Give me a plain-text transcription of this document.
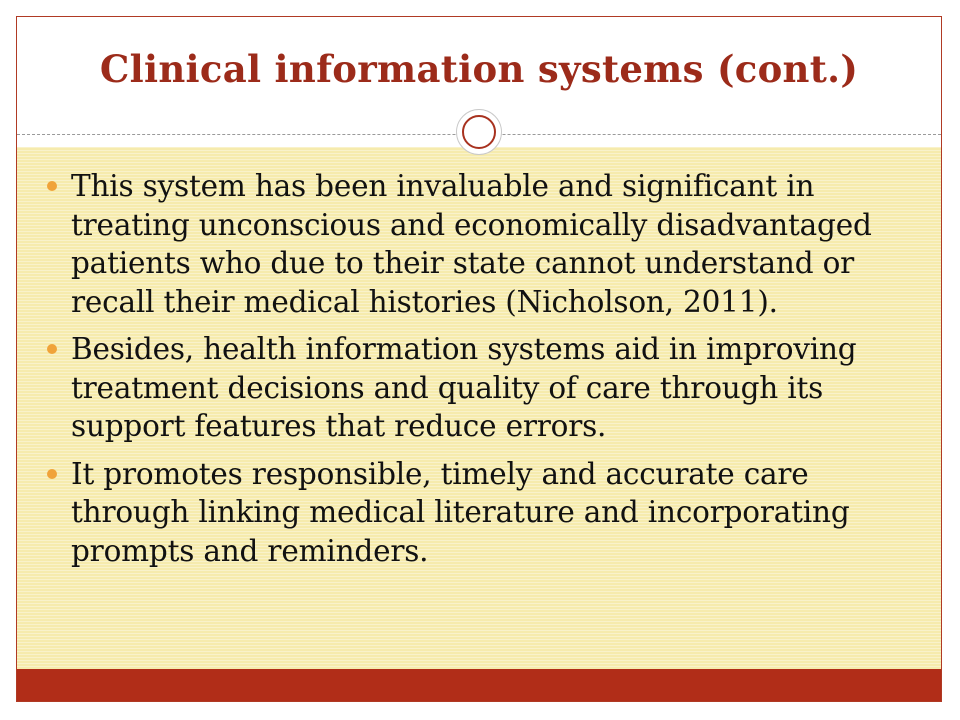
Clinical information systems (cont.)
This system has been invaluable and significant in treating unconscious and economically disadvantaged patients who due to their state cannot understand or recall their medical histories (Nicholson, 2011).
Besides, health information systems aid in improving treatment decisions and quality of care through its support features that reduce errors.
It promotes responsible, timely and accurate care through linking medical literature and incorporating prompts and reminders.
